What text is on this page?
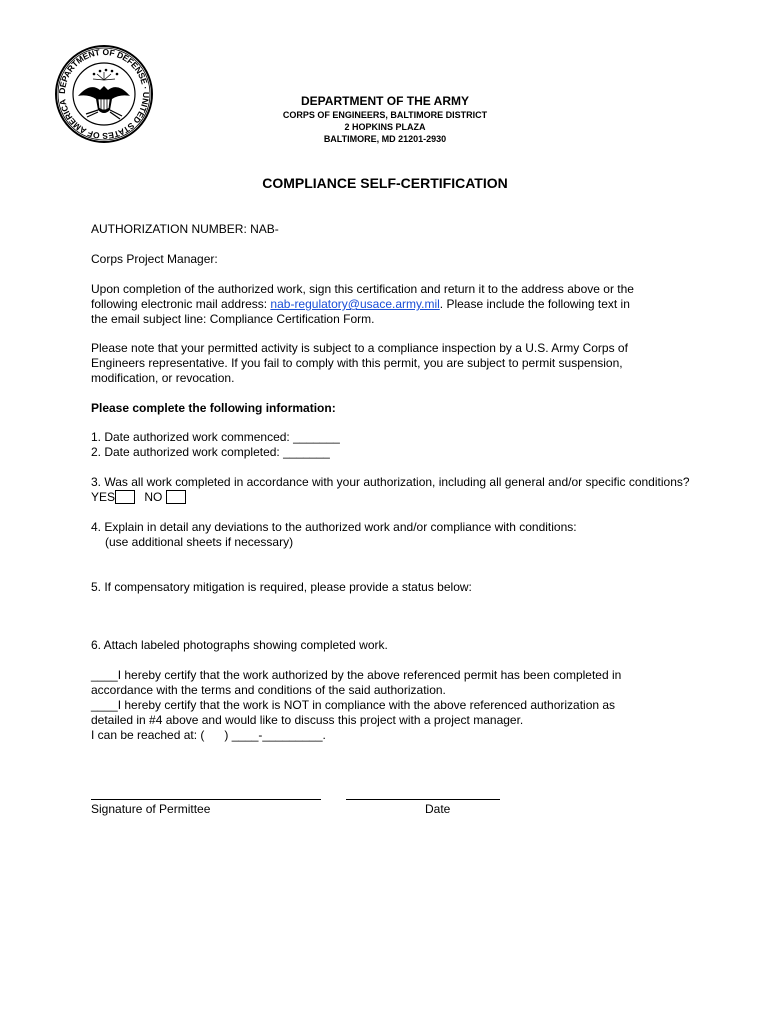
DEPARTMENT OF DEFENSE · UNITED STATES OF AMERICA	DEPARTMENT OF THE ARMY

CORPS OF ENGINEERS, BALTIMORE DISTRICT

2 HOPKINS PLAZA

BALTIMORE, MD 21201-2930

COMPLIANCE SELF-CERTIFICATION

AUTHORIZATION NUMBER: NAB-

Corps Project Manager:

Upon completion of the authorized work, sign this certification and return it to the address above or the
following electronic mail address: nab-regulatory@usace.army.mil. Please include the following text in
the email subject line: Compliance Certification Form.
Please note that your permitted activity is subject to a compliance inspection by a U.S. Army Corps of
Engineers representative. If you fail to comply with this permit, you are subject to permit suspension,
modification, or revocation.

Please complete the following information:

1. Date authorized work commenced: _______
2. Date authorized work completed: _______
3. Was all work completed in accordance with your authorization, including all general and/or specific conditions?
YES NO
4. Explain in detail any deviations to the authorized work and/or compliance with conditions:
(use additional sheets if necessary)

5. If compensatory mitigation is required, please provide a status below:

6. Attach labeled photographs showing completed work.

____I hereby certify that the work authorized by the above referenced permit has been completed in
accordance with the terms and conditions of the said authorization.
____I hereby certify that the work is NOT in compliance with the above referenced authorization as
detailed in #4 above and would like to discuss this project with a project manager.
I can be reached at: (      ) ____-_________.

Signature of Permittee	Date
